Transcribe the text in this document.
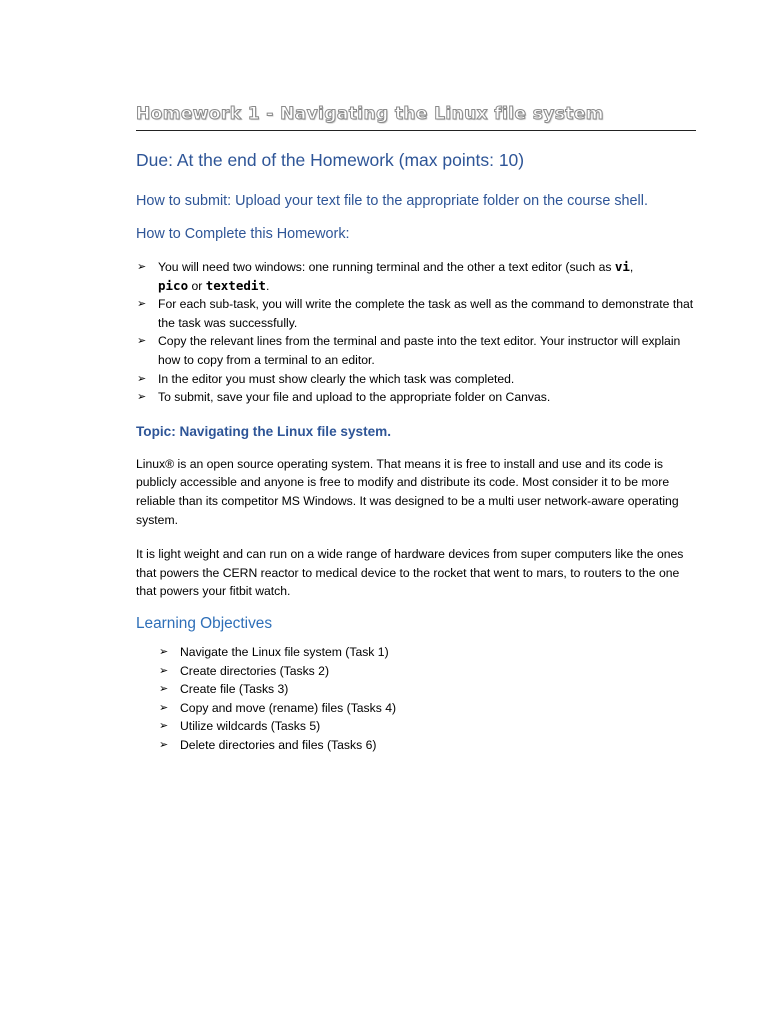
Homework 1 - Navigating the Linux file system
Due: At the end of the Homework (max points: 10)
How to submit: Upload your text file to the appropriate folder on the course shell.
How to Complete this Homework:
➢ You will need two windows: one running terminal and the other a text editor (such as vi,
pico or textedit.
➢ For each sub-task, you will write the complete the task as well as the command to demonstrate that the task was successfully.
➢ Copy the relevant lines from the terminal and paste into the text editor. Your instructor will explain how to copy from a terminal to an editor.
➢ In the editor you must show clearly the which task was completed.
➢ To submit, save your file and upload to the appropriate folder on Canvas.
Topic: Navigating the Linux file system.

Linux® is an open source operating system. That means it is free to install and use and its code is publicly accessible and anyone is free to modify and distribute its code. Most consider it to be more reliable than its competitor MS Windows. It was designed to be a multi user network-aware operating system.

It is light weight and can run on a wide range of hardware devices from super computers like the ones that powers the CERN reactor to medical device to the rocket that went to mars, to routers to the one that powers your fitbit watch.

Learning Objectives
➢ Navigate the Linux file system (Task 1)
➢ Create directories (Tasks 2)
➢ Create file (Tasks 3)
➢ Copy and move (rename) files (Tasks 4)
➢ Utilize wildcards (Tasks 5)
➢ Delete directories and files (Tasks 6)
